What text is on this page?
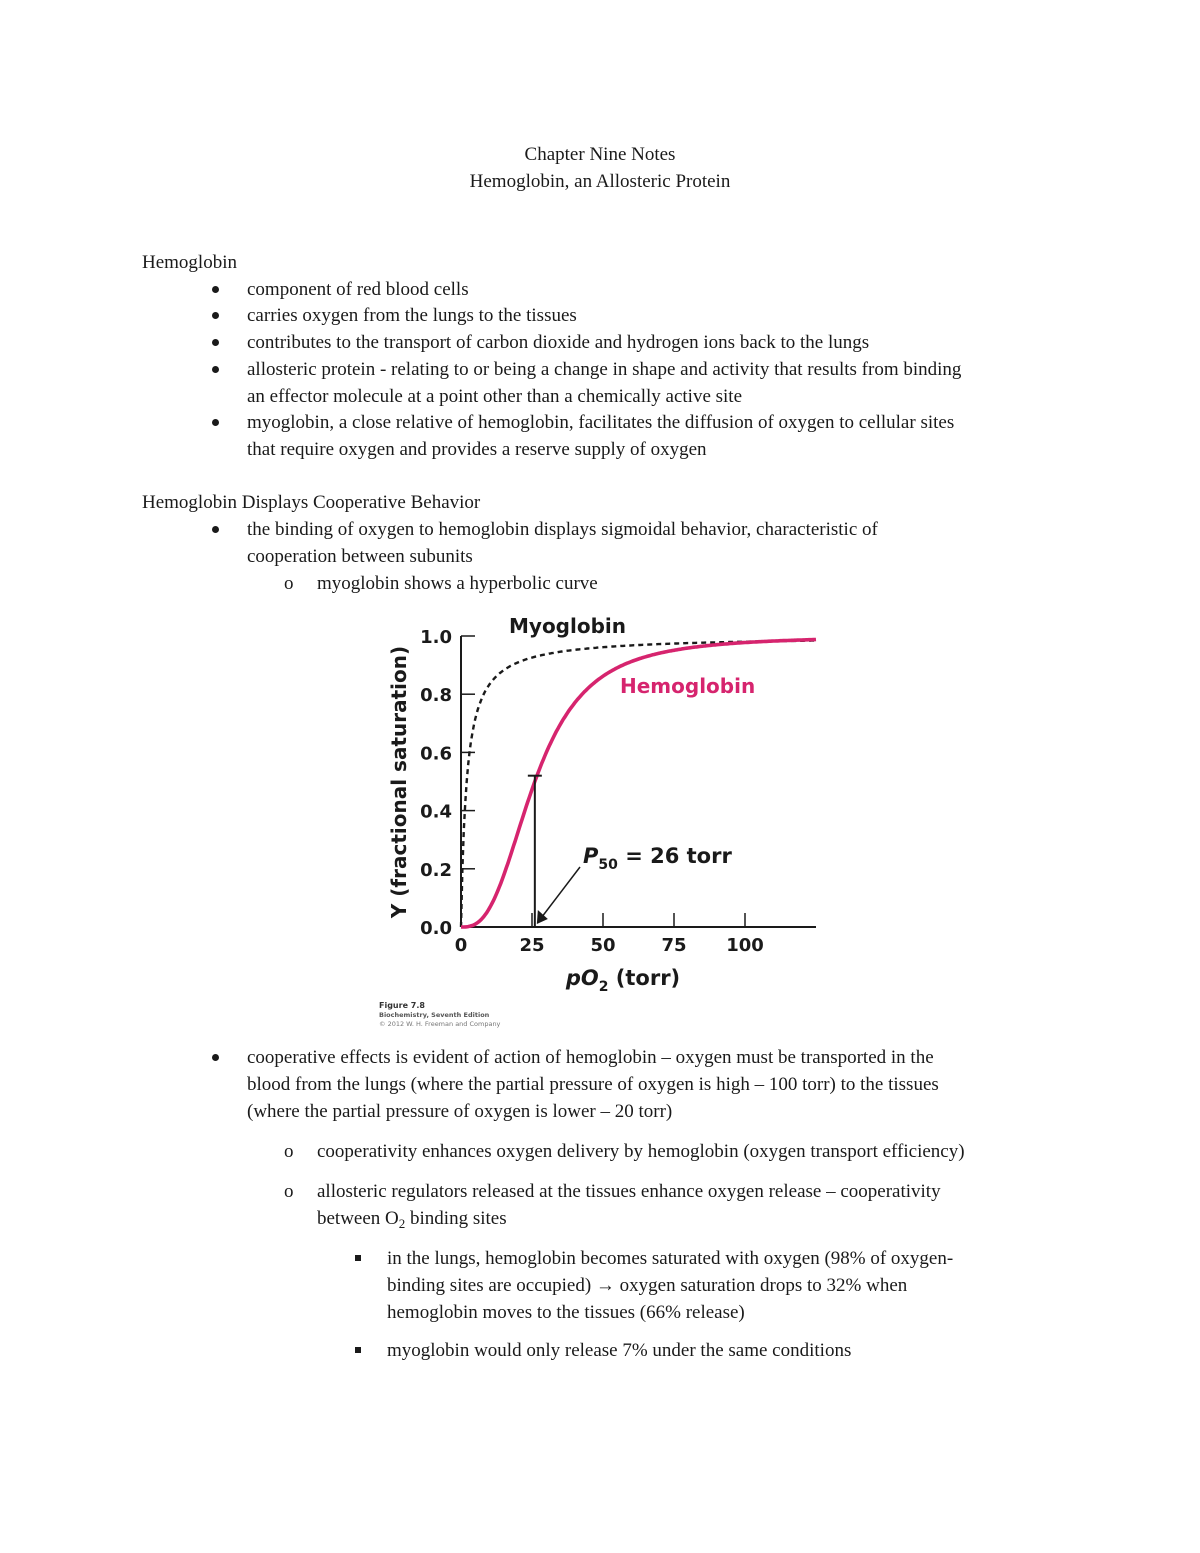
Chapter Nine Notes
Hemoglobin, an Allosteric Protein
Hemoglobin
component of red blood cells
carries oxygen from the lungs to the tissues
contributes to the transport of carbon dioxide and hydrogen ions back to the lungs
allosteric protein - relating to or being a change in shape and activity that results from binding
an effector molecule at a point other than a chemically active site
myoglobin, a close relative of hemoglobin, facilitates the diffusion of oxygen to cellular sites
that require oxygen and provides a reserve supply of oxygen
Hemoglobin Displays Cooperative Behavior
the binding of oxygen to hemoglobin displays sigmoidal behavior, characteristic of
cooperation between subunits
o myoglobin shows a hyperbolic curve
0.0
0.2
0.4
0.6
0.8
1.0
0	25	50	75 100
Myoglobin
Hemoglobin
$P_{50} = 26$ torr
$pO_2$ (torr)
Y (fractional saturation)
Figure 7.8
Biochemistry, Seventh Edition
© 2012 W. H. Freeman and Company
cooperative effects is evident of action of hemoglobin – oxygen must be transported in the
blood from the lungs (where the partial pressure of oxygen is high – 100 torr) to the tissues
(where the partial pressure of oxygen is lower – 20 torr)
o cooperativity enhances oxygen delivery by hemoglobin (oxygen transport efficiency)
o allosteric regulators released at the tissues enhance oxygen release – cooperativity
between $O_2$ binding sites
in the lungs, hemoglobin becomes saturated with oxygen (98% of oxygen-
binding sites are occupied) → oxygen saturation drops to 32% when
hemoglobin moves to the tissues (66% release)
myoglobin would only release 7% under the same conditions
